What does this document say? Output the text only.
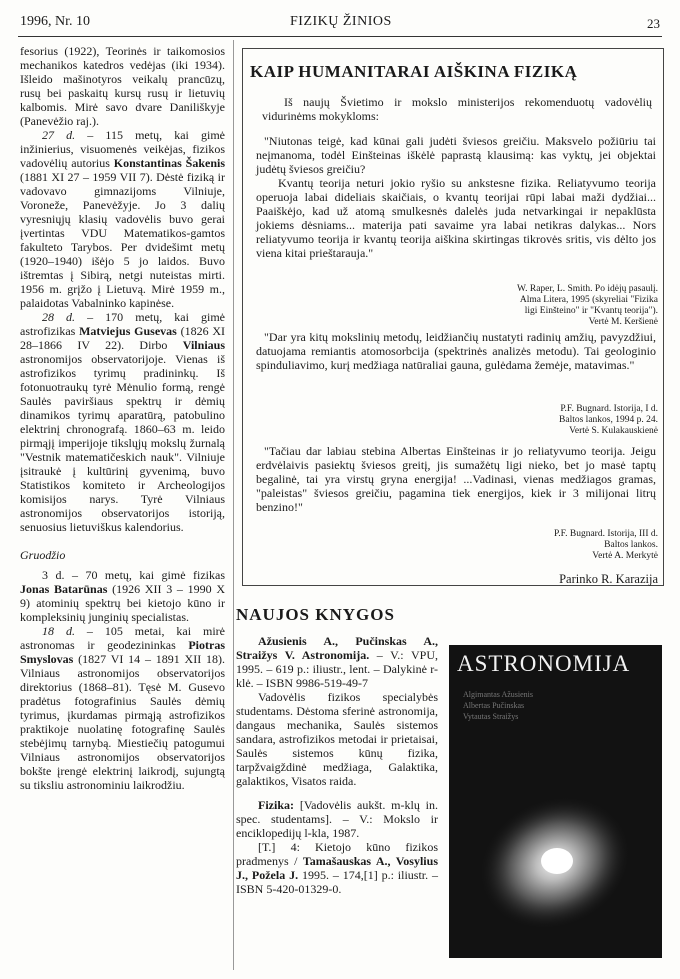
1996, Nr. 10	FIZIKŲ ŽINIOS	23

fesorius (1922), Teorinės ir taikomosios mechanikos katedros vedėjas (iki 1934). Išleido mašinotyros veikalų prancūzų, rusų bei paskaitų kursų rusų ir lietuvių kalbomis. Mirė savo dvare Daniliškyje (Panevėžio raj.).

27 d. – 115 metų, kai gimė inžinierius, visuomenės veikėjas, fizikos vadovėlių autorius Konstantinas Šakenis (1881 XI 27 – 1959 VII 7). Dėstė fiziką ir vadovavo gimnazijoms Vilniuje, Voronežе, Panevėžyje. Jo 3 dalių vyresniųjų klasių vadovėlis buvo gerai įvertintas VDU Matematikos-gamtos fakulteto Tarybos. Per dvidešimt metų (1920–1940) išėjo 5 jo laidos. Buvo ištremtas į Sibirą, netgi nuteistas mirti. 1956 m. grįžo į Lietuvą. Mirė 1959 m., palaidotas Vabalninko kapinėse.

28 d. – 170 metų, kai gimė astrofizikas Matviejus Gusevas (1826 XI 28–1866 IV 22). Dirbo Vilniaus astronomijos observatorijoje. Vienas iš astrofizikos tyrimų pradininkų. Iš fotonuotraukų tyrė Mėnulio formą, rengė Saulės paviršiaus spektrų ir dėmių dinamikos tyrimų aparatūrą, patobulino elektrinį chronografą. 1860–63 m. leido pirmąjį imperijoje tikslųjų mokslų žurnalą "Vestnik matematičeskich nauk". Vilniuje įsitraukė į kultūrinį gyvenimą, buvo Statistikos komiteto ir Archeologijos komisijos narys. Tyrė Vilniaus astronomijos observatorijos istoriją, senuosius lietuviškus kalendorius.

Gruodžio

3 d. – 70 metų, kai gimė fizikas Jonas Batarūnas (1926 XII 3 – 1990 X 9) atominių spektrų bei kietojo kūno ir kompleksinių junginių specialistas.

18 d. – 105 metai, kai mirė astronomas ir geodezininkas Piotras Smyslovas (1827 VI 14 – 1891 XII 18). Vilniaus astronomijos observatorijos direktorius (1868–81). Tęsė M. Gusevo pradėtus fotografinius Saulės dėmių tyrimus, įkurdamas pirmąją astrofizikos praktikoje nuolatinę fotografinę Saulės stebėjimų tarnybą. Miestiečių patogumui Vilniaus astronomijos observatorijos bokšte įrengė elektrinį laikrodį, sujungtą su tiksliu astronominiu laikrodžiu.

KAIP HUMANITARAI AIŠKINA FIZIKĄ
Iš naujų Švietimo ir mokslo ministerijos rekomenduotų vadovėlių vidurinėms mokykloms:
"Niutonas teigė, kad kūnai gali judėti šviesos greičiu. Maksvelo požiūriu tai neįmanoma, todėl Einšteinas iškėlė paprastą klausimą: kas vyktų, jei objektai judėtų šviesos greičiu?
Kvantų teorija neturi jokio ryšio su ankstesne fizika. Reliatyvumo teorija operuoja labai dideliais skaičiais, o kvantų teorijai rūpi labai maži dydžiai... Paaiškėjo, kad už atomą smulkesnės dalelės juda netvarkingai ir nepaklūsta jokiems dėsniams... materija pati savaime yra labai netikras dalykas... Nors reliatyvumo teorija ir kvantų teorija aiškina skirtingas tikrovės sritis, vis dėlto jos viena kitai prieštarauja."
W. Raper, L. Smith. Po idėjų pasaulį.
Alma Litera, 1995 (skyreliai "Fizika
ligi Einšteino" ir "Kvantų teorija").
Vertė M. Keršienė
"Dar yra kitų mokslinių metodų, leidžiančių nustatyti radinių amžių, pavyzdžiui, datuojama remiantis atomosorbcija (spektrinės analizės metodu). Tai geologinio spinduliavimo, kurį medžiaga natūraliai gauna, gulėdama žemėje, matavimas."
P.F. Bugnard. Istorija, I d.
Baltos lankos, 1994 p. 24.
Vertė S. Kulakauskienė
"Tačiau dar labiau stebina Albertas Einšteinas ir jo reliatyvumo teorija. Jeigu erdvėlaivis pasiektų šviesos greitį, jis sumažėtų ligi nieko, bet jo masė taptų begalinė, tai yra virstų gryna energija! ...Vadinasi, vienas medžiagos gramas, "paleistas" šviesos greičiu, pagamina tiek energijos, kiek ir 3 milijonai litrų benzino!"
P.F. Bugnard. Istorija, III d.
Baltos lankos.
Vertė A. Merkytė
Parinko R. Karazija
NAUJOS KNYGOS

Ažusienis A., Pučinskas A., Straižys V. Astronomija. – V.: VPU, 1995. – 619 p.: iliustr., lent. – Dalykinė r-klė. – ISBN 9986-519-49-7

Vadovėlis fizikos specialybės studentams. Dėstoma sferinė astronomija, dangaus mechanika, Saulės sistemos sandara, astrofizikos metodai ir prietaisai, Saulės sistemos kūnų fizika, tarpžvaigždinė medžiaga, Galaktika, galaktikos, Visatos raida.

Fizika: [Vadovėlis aukšt. m-klų in. spec. studentams]. – V.: Mokslo ir enciklopedijų l-kla, 1987.

[T.] 4: Kietojo kūno fizikos pradmenys / Tamašauskas A., Vosylius J., Požela J. 1995. – 174,[1] p.: iliustr. – ISBN 5-420-01329-0.

ASTRONOMIJA
Algimantas Ažusienis
Albertas Pučinskas
Vytautas Straižys
